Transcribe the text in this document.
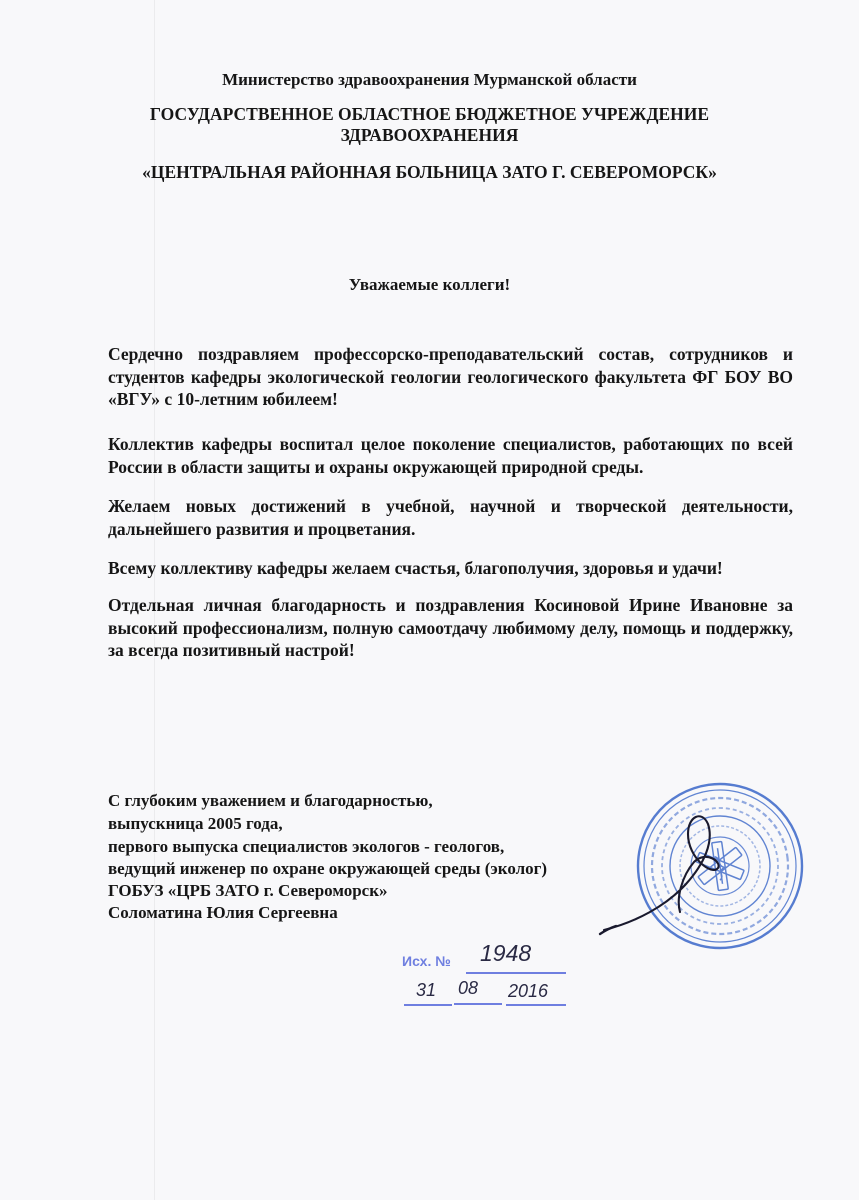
Министерство здравоохранения Мурманской области

ГОСУДАРСТВЕННОЕ ОБЛАСТНОЕ БЮДЖЕТНОЕ УЧРЕЖДЕНИЕ

ЗДРАВООХРАНЕНИЯ

«ЦЕНТРАЛЬНАЯ РАЙОННАЯ БОЛЬНИЦА ЗАТО Г. СЕВЕРОМОРСК»

Уважаемые коллеги!

Сердечно поздравляем профессорско-преподавательский состав, сотрудников и студентов кафедры экологической геологии геологического факультета ФГ БОУ ВО «ВГУ» с 10-летним юбилеем!

Коллектив кафедры воспитал целое поколение специалистов, работающих по всей России в области защиты и охраны окружающей природной среды.

Желаем новых достижений в учебной, научной и творческой деятельности, дальнейшего развития и процветания.

Всему коллективу кафедры желаем счастья, благополучия, здоровья и удачи!

Отдельная личная благодарность и поздравления Косиновой Ирине Ивановне за высокий профессионализм, полную самоотдачу любимому делу, помощь и поддержку, за всегда позитивный настрой!

С глубоким уважением и благодарностью,

выпускница 2005 года,

первого выпуска специалистов экологов - геологов,

ведущий инженер по охране окружающей среды (эколог)

ГОБУЗ «ЦРБ ЗАТО г. Североморск»

Соломатина Юлия Сергеевна

Исх. № 1948
31 08 2016
